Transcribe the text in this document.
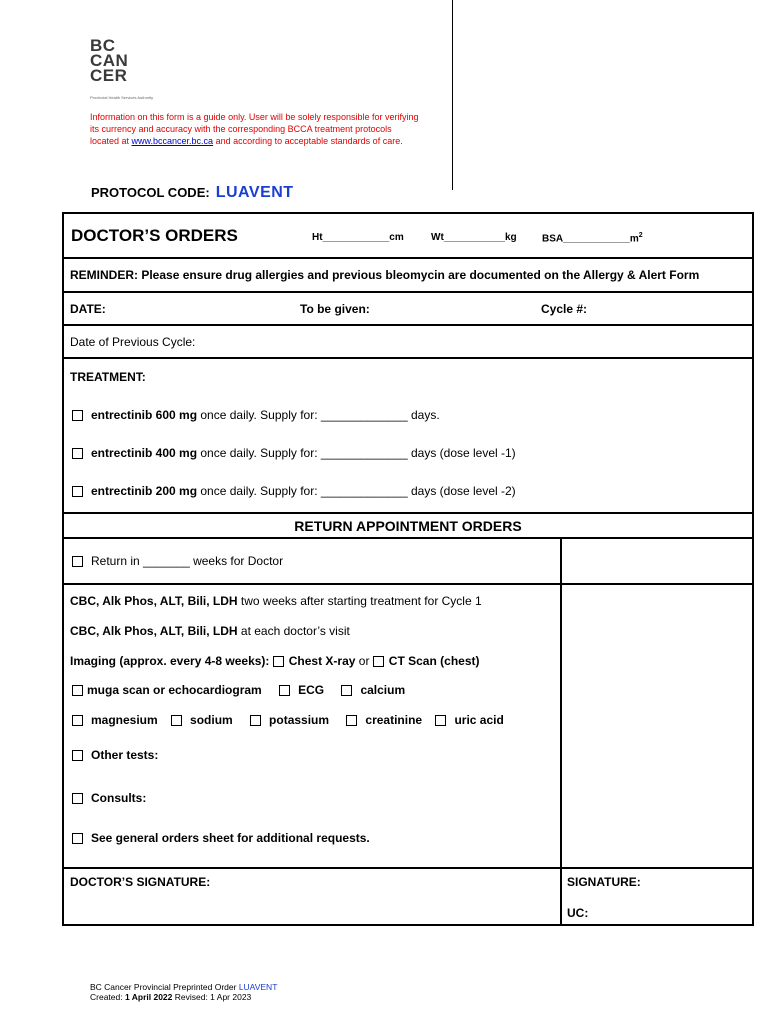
BC
CAN
CER
Provincial Health Services Authority
Information on this form is a guide only. User will be solely responsible for verifying its currency and accuracy with the corresponding BCCA treatment protocols located at www.bccancer.bc.ca and according to acceptable standards of care.
PROTOCOL CODE: LUAVENT
DOCTOR’S ORDERS	Ht____________cm	Wt___________kg	$BSA\_\_\_\_\_\_\_\_\_\_\_\_m^2$
REMINDER: Please ensure drug allergies and previous bleomycin are documented on the Allergy & Alert Form
DATE:	To be given:	Cycle #:
Date of Previous Cycle:
TREATMENT:
entrectinib 600 mg once daily. Supply for: _____________ days.
entrectinib 400 mg once daily. Supply for: _____________ days (dose level -1)
entrectinib 200 mg once daily. Supply for: _____________ days (dose level -2)
RETURN APPOINTMENT ORDERS
Return in _______ weeks for Doctor
CBC, Alk Phos, ALT, Bili, LDH two weeks after starting treatment for Cycle 1
CBC, Alk Phos, ALT, Bili, LDH at each doctor’s visit
Imaging (approx. every 4-8 weeks): Chest X-ray or CT Scan (chest)
muga scan or echocardiogram	ECG	calcium
magnesium	sodium	potassium	creatinine	uric acid
Other tests:
Consults:
See general orders sheet for additional requests.
DOCTOR’S SIGNATURE:	SIGNATURE:
UC:
BC Cancer Provincial Preprinted Order LUAVENT
Created: 1 April 2022 Revised: 1 Apr 2023
